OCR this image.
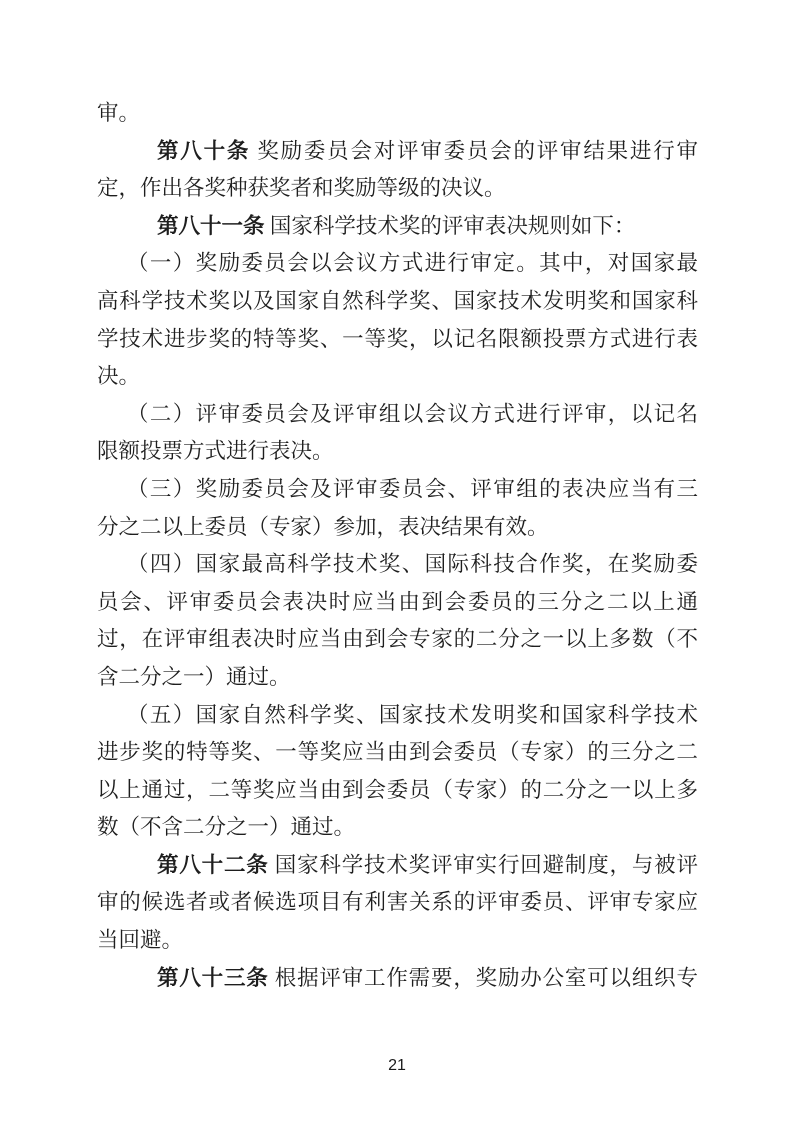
审。
第八十条 奖励委员会对评审委员会的评审结果进行审
定，作出各奖种获奖者和奖励等级的决议。
第八十一条 国家科学技术奖的评审表决规则如下：
（一）奖励委员会以会议方式进行审定。其中，对国家最
高科学技术奖以及国家自然科学奖、国家技术发明奖和国家科
学技术进步奖的特等奖、一等奖，以记名限额投票方式进行表
决。
（二）评审委员会及评审组以会议方式进行评审，以记名
限额投票方式进行表决。
（三）奖励委员会及评审委员会、评审组的表决应当有三
分之二以上委员（专家）参加，表决结果有效。
（四）国家最高科学技术奖、国际科技合作奖，在奖励委
员会、评审委员会表决时应当由到会委员的三分之二以上通
过，在评审组表决时应当由到会专家的二分之一以上多数（不
含二分之一）通过。
（五）国家自然科学奖、国家技术发明奖和国家科学技术
进步奖的特等奖、一等奖应当由到会委员（专家）的三分之二
以上通过，二等奖应当由到会委员（专家）的二分之一以上多
数（不含二分之一）通过。
第八十二条 国家科学技术奖评审实行回避制度，与被评
审的候选者或者候选项目有利害关系的评审委员、评审专家应
当回避。
第八十三条 根据评审工作需要，奖励办公室可以组织专
21
